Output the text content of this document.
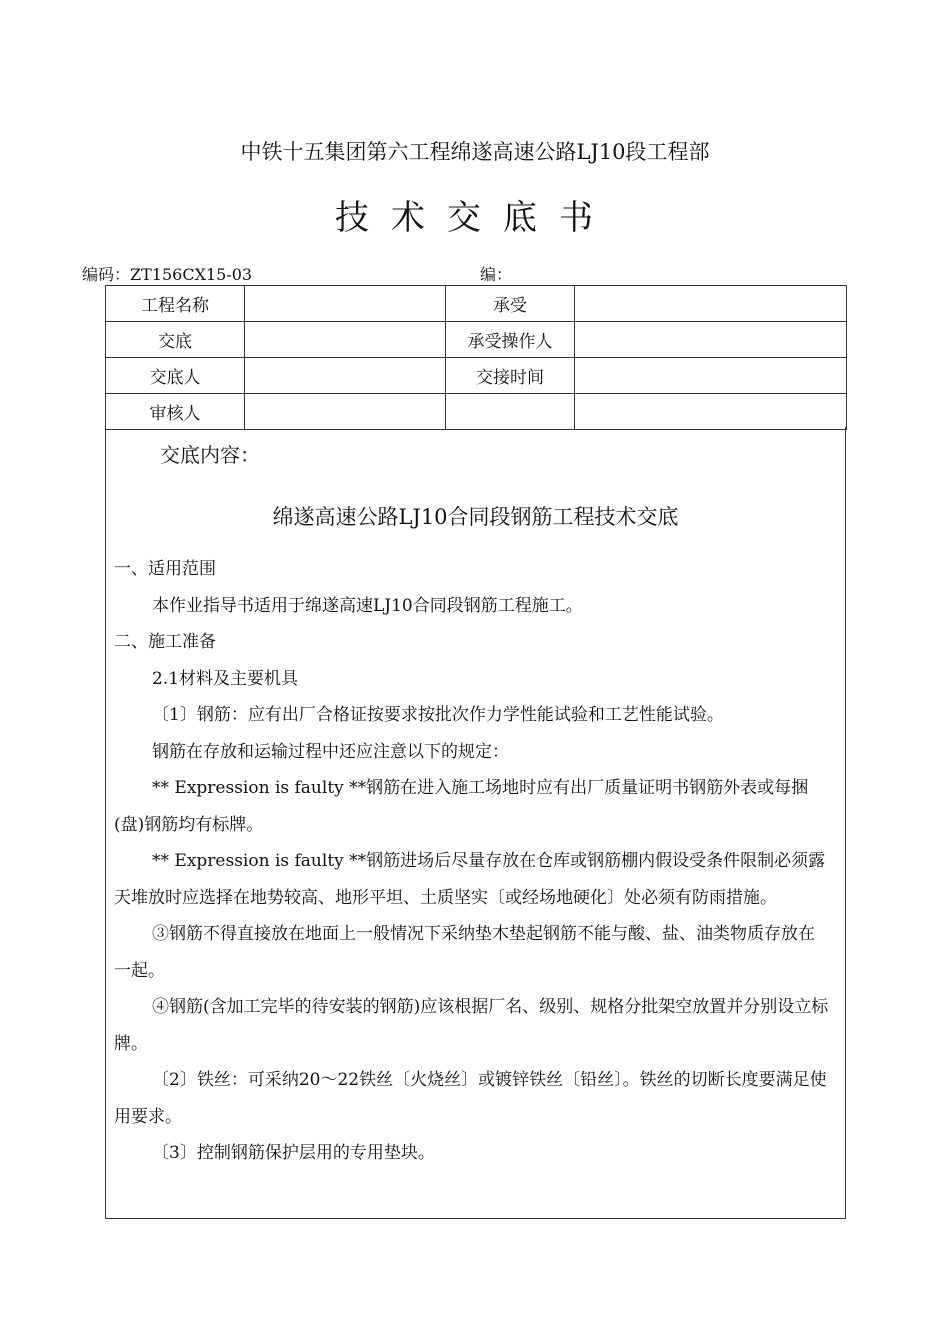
中铁十五集团第六工程绵遂高速公路LJ10段工程部
技术交底书
编码：ZT156CX15-03	编：
工程名称		承受	
交底		承受操作人	
交底人		交接时间	
审核人			
交底内容：
绵遂高速公路LJ10合同段钢筋工程技术交底

一、适用范围

本作业指导书适用于绵遂高速LJ10合同段钢筋工程施工。

二、施工准备

2.1材料及主要机具

〔1〕钢筋：应有出厂合格证按要求按批次作力学性能试验和工艺性能试验。

钢筋在存放和运输过程中还应注意以下的规定：

** Expression is faulty **钢筋在进入施工场地时应有出厂质量证明书钢筋外表或每捆(盘)钢筋均有标牌。

** Expression is faulty **钢筋进场后尽量存放在仓库或钢筋棚内假设受条件限制必须露天堆放时应选择在地势较高、地形平坦、土质坚实〔或经场地硬化〕处必须有防雨措施。

③钢筋不得直接放在地面上一般情况下采纳垫木垫起钢筋不能与酸、盐、油类物质存放在一起。

④钢筋(含加工完毕的待安装的钢筋)应该根据厂名、级别、规格分批架空放置并分别设立标牌。

〔2〕铁丝：可采纳20～22铁丝〔火烧丝〕或镀锌铁丝〔铅丝〕。铁丝的切断长度要满足使用要求。

〔3〕控制钢筋保护层用的专用垫块。
